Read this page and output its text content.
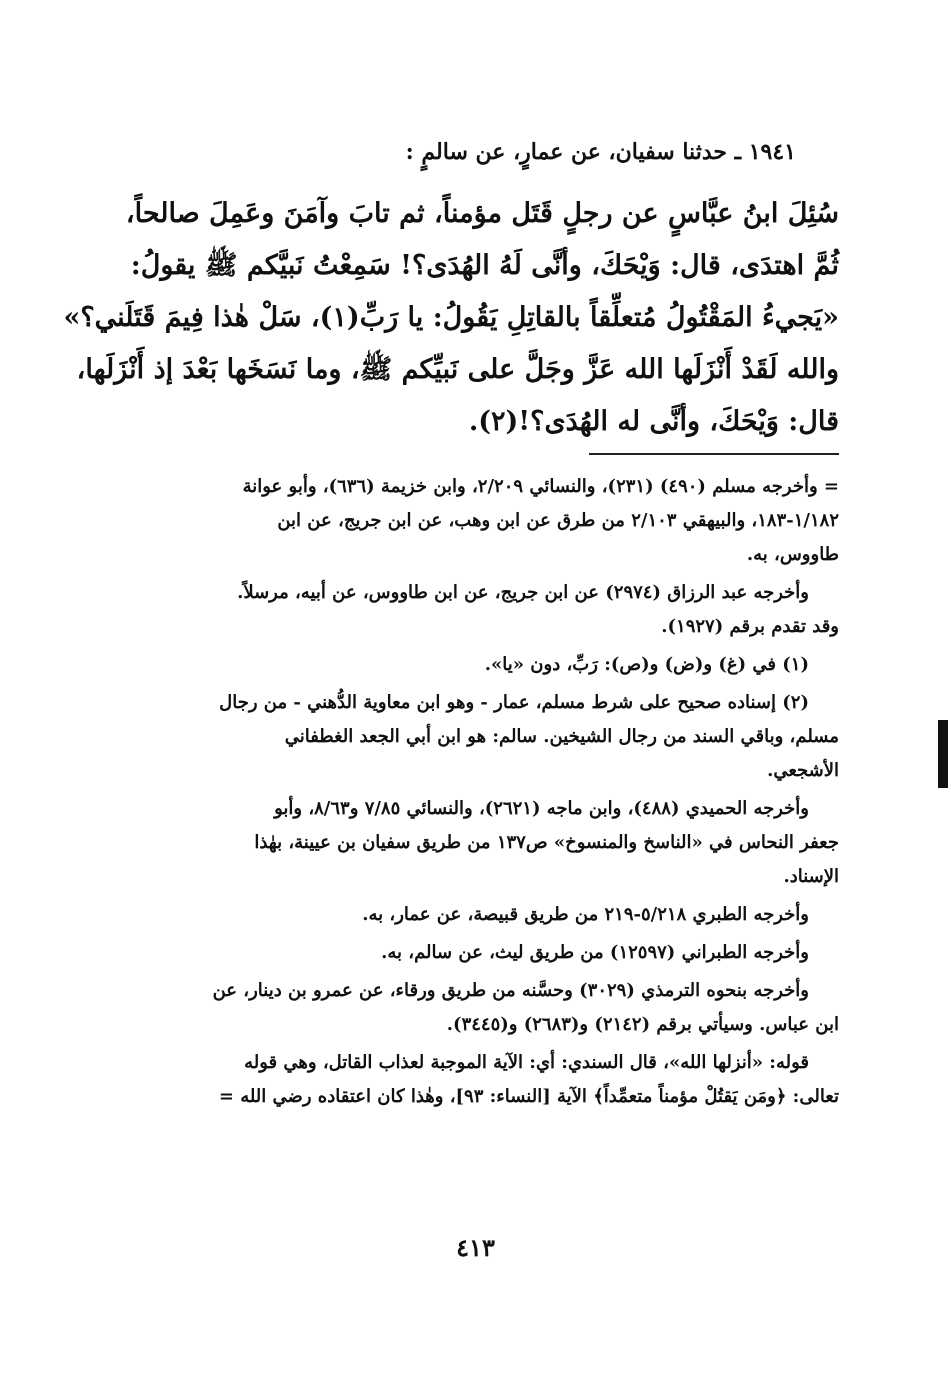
١٩٤١ ـ حدثنا سفيان، عن عمارٍ، عن سالمٍ :

سُئِلَ ابنُ عبَّاسٍ عن رجلٍ قَتَل مؤمناً، ثم تابَ وآمَنَ وعَمِلَ صالحاً،

ثُمَّ اهتدَى، قال: وَيْحَكَ، وأنَّى لَهُ الهُدَى؟! سَمِعْتُ نَبيَّكم ﷺ يقولُ:

«يَجيءُ المَقْتُولُ مُتعلِّقاً بالقاتِلِ يَقُولُ: يا رَبِّ(١)، سَلْ هٰذا فِيمَ قَتَلَني؟»

والله لَقَدْ أَنْزَلَها الله عَزَّ وجَلَّ على نَبيِّكم ﷺ، وما نَسَخَها بَعْدَ إذ أَنْزَلَها،

قال: وَيْحَكَ، وأنَّى له الهُدَى؟!(٢).

= وأخرجه مسلم (٤٩٠) (٢٣١)، والنسائي ٢/٢٠٩، وابن خزيمة (٦٣٦)، وأبو عوانة
١/١٨٢-١٨٣، والبيهقي ٢/١٠٣ من طرق عن ابن وهب، عن ابن جريج، عن ابن
طاووس، به.
وأخرجه عبد الرزاق (٢٩٧٤) عن ابن جريج، عن ابن طاووس، عن أبيه، مرسلاً.
وقد تقدم برقم (١٩٢٧).
(١) في (غ) و(ض) و(ص): رَبِّ، دون «يا».
(٢) إسناده صحيح على شرط مسلم، عمار - وهو ابن معاوية الدُّهني - من رجال
مسلم، وباقي السند من رجال الشيخين. سالم: هو ابن أبي الجعد الغطفاني
الأشجعي.
وأخرجه الحميدي (٤٨٨)، وابن ماجه (٢٦٢١)، والنسائي ٧/٨٥ و٨/٦٣، وأبو
جعفر النحاس في «الناسخ والمنسوخ» ص١٣٧ من طريق سفيان بن عيينة، بهٰذا
الإسناد.
وأخرجه الطبري ٥/٢١٨-٢١٩ من طريق قبيصة، عن عمار، به.
وأخرجه الطبراني (١٢٥٩٧) من طريق ليث، عن سالم، به.
وأخرجه بنحوه الترمذي (٣٠٢٩) وحسَّنه من طريق ورقاء، عن عمرو بن دينار، عن
ابن عباس. وسيأتي برقم (٢١٤٢) و(٢٦٨٣) و(٣٤٤٥).
قوله: «أنزلها الله»، قال السندي: أي: الآية الموجبة لعذاب القاتل، وهي قوله
تعالى: ﴿ومَن يَقتُلْ مؤمناً متعمِّداً﴾ الآية [النساء: ٩٣]، وهٰذا كان اعتقاده رضي الله =
٤١٣
